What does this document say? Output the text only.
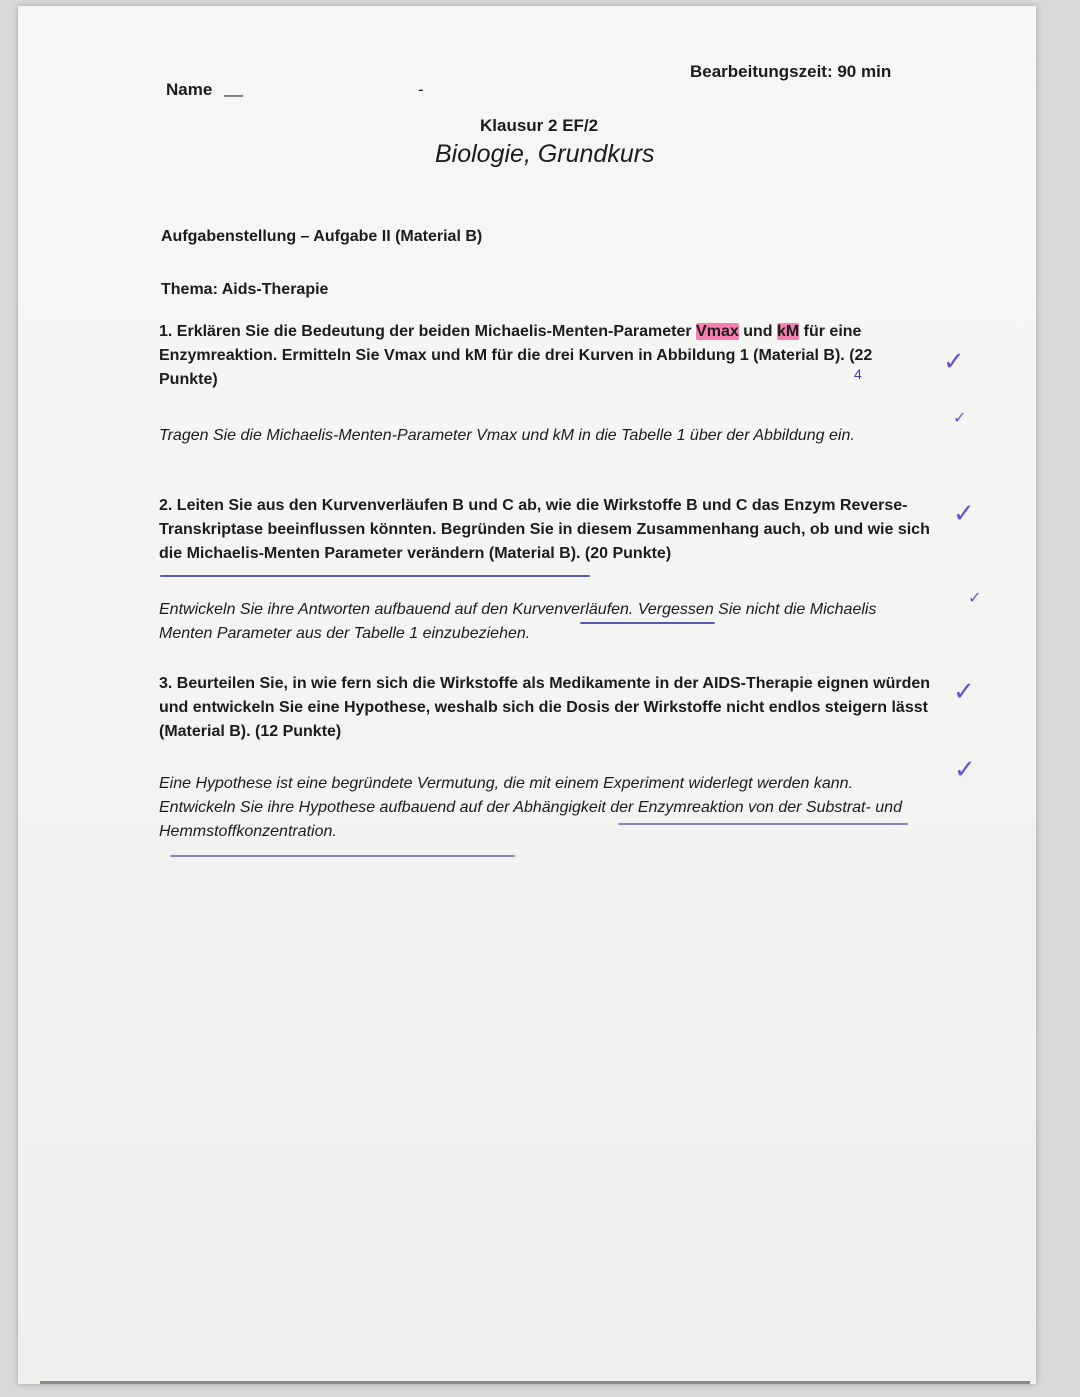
Name __	-
Bearbeitungszeit: 90 min
Klausur 2 EF/2
Biologie, Grundkurs
Aufgabenstellung – Aufgabe II (Material B)
Thema: Aids-Therapie
1. Erklären Sie die Bedeutung der beiden Michaelis-Menten-Parameter Vmax und kM für eine Enzymreaktion. Ermitteln Sie Vmax und kM für die drei Kurven in Abbildung 1 (Material B). (22 Punkte)
✓
4
Tragen Sie die Michaelis-Menten-Parameter Vmax und kM in die Tabelle 1 über der Abbildung ein.
✓
2. Leiten Sie aus den Kurvenverläufen B und C ab, wie die Wirkstoffe B und C das Enzym Reverse-Transkriptase beeinflussen könnten. Begründen Sie in diesem Zusammenhang auch, ob und wie sich die Michaelis-Menten Parameter verändern (Material B). (20 Punkte)
✓
Entwickeln Sie ihre Antworten aufbauend auf den Kurvenverläufen. Vergessen Sie nicht die Michaelis Menten Parameter aus der Tabelle 1 einzubeziehen.
✓
3. Beurteilen Sie, in wie fern sich die Wirkstoffe als Medikamente in der AIDS-Therapie eignen würden und entwickeln Sie eine Hypothese, weshalb sich die Dosis der Wirkstoffe nicht endlos steigern lässt (Material B). (12 Punkte)
✓
Eine Hypothese ist eine begründete Vermutung, die mit einem Experiment widerlegt werden kann. Entwickeln Sie ihre Hypothese aufbauend auf der Abhängigkeit der Enzymreaktion von der Substrat- und Hemmstoffkonzentration.
✓
